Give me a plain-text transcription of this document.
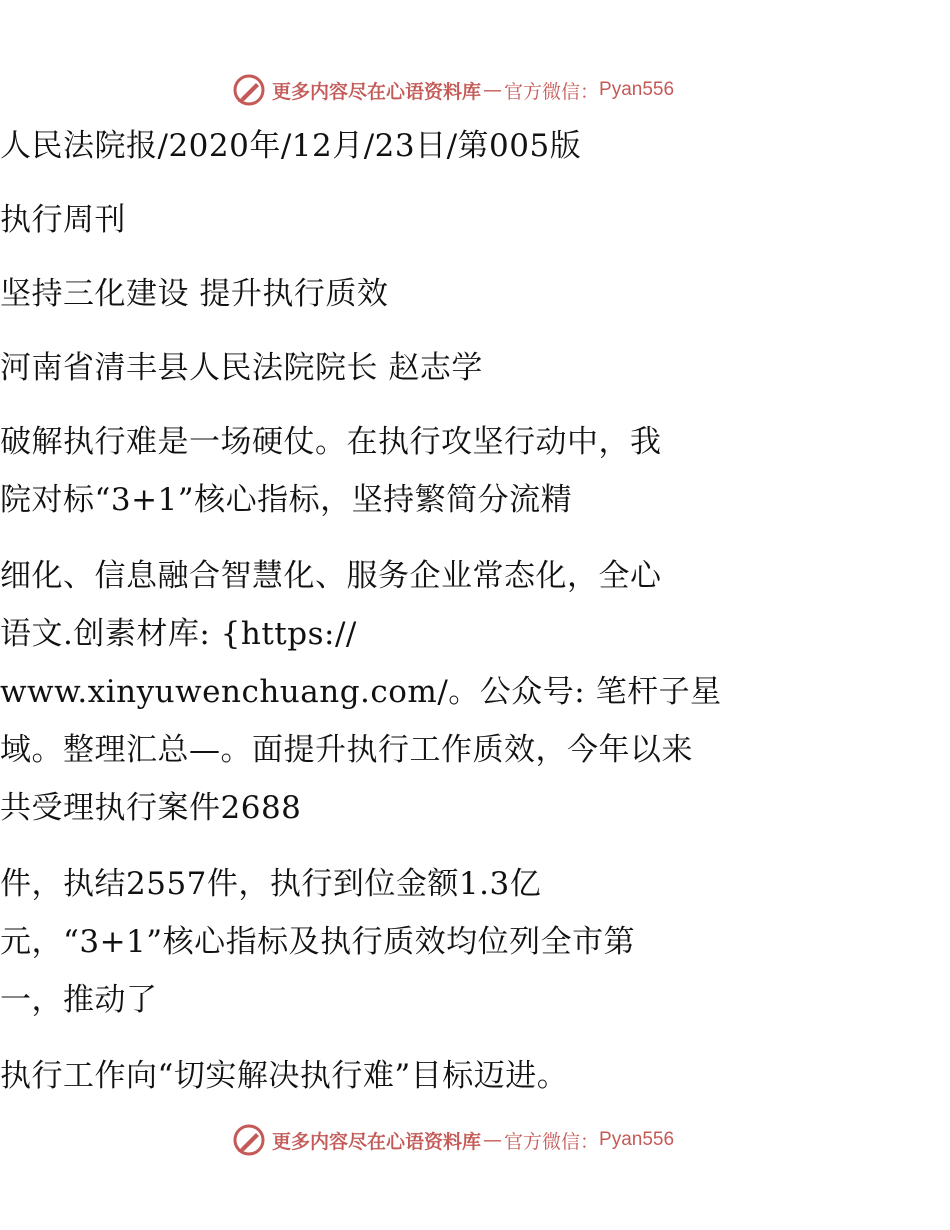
更多内容尽在心语资料库 — 官方微信： Pyan556
人民法院报/2020年/12月/23日/第005版
执行周刊
坚持三化建设 提升执行质效
河南省清丰县人民法院院长 赵志学
破解执行难是一场硬仗。在执行攻坚行动中，我
院对标“3+1”核心指标，坚持繁简分流精
细化、信息融合智慧化、服务企业常态化，全心
语文.创素材库: {https://
www.xinyuwenchuang.com/。公众号: 笔杆子星
域。整理汇总—。面提升执行工作质效，今年以来
共受理执行案件2688
件，执结2557件，执行到位金额1.3亿
元，“3+1”核心指标及执行质效均位列全市第
一，推动了
执行工作向“切实解决执行难”目标迈进。
更多内容尽在心语资料库 — 官方微信： Pyan556
